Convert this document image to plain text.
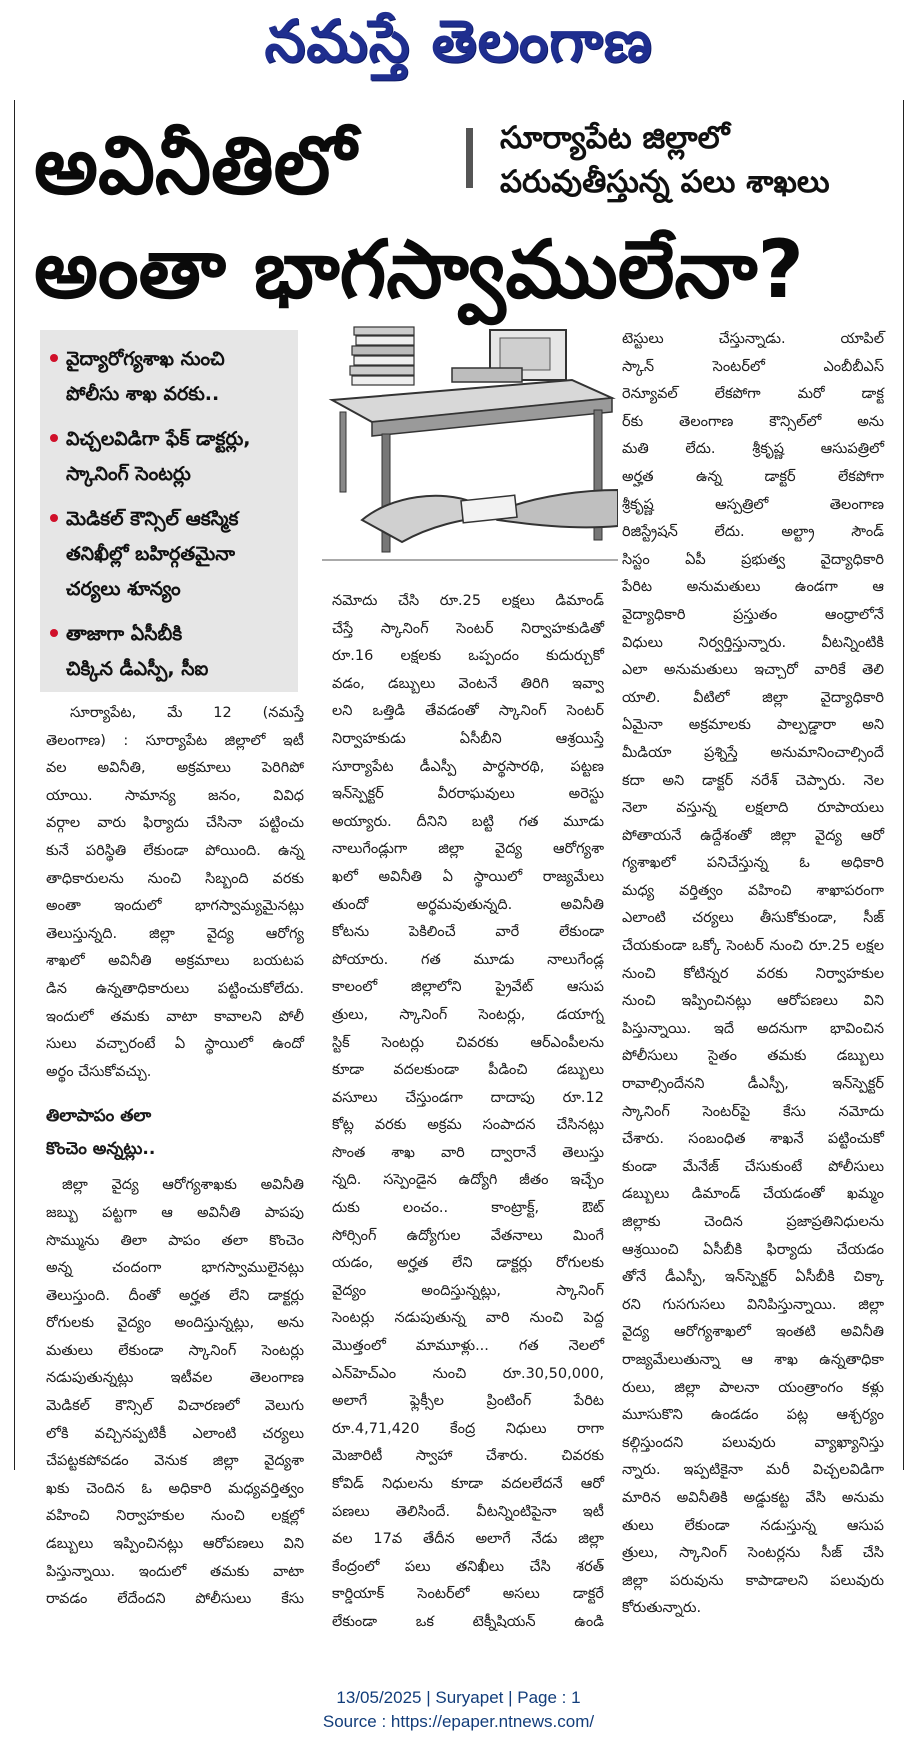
నమస్తే తెలంగాణ
అవినీతిలో
అంతా భాగస్వాములేనా?
సూర్యాపేట జిల్లాలో
పరువుతీస్తున్న పలు శాఖలు
వైద్యారోగ్యశాఖ నుంచి
పోలీసు శాఖ వరకు..
విచ్చలవిడిగా ఫేక్ డాక్టర్లు,
స్కానింగ్ సెంటర్లు
మెడికల్ కౌన్సిల్ ఆకస్మిక
తనిఖీల్లో బహిర్గతమైనా
చర్యలు శూన్యం
తాజాగా ఏసీబీకి
చిక్కిన డీఎస్పీ, సీఐ

సూర్యాపేట, మే 12 (నమస్తే

తెలంగాణ) : సూర్యాపేట జిల్లాలో ఇటీ

వల అవినీతి, అక్రమాలు పెరిగిపో

యాయి. సామాన్య జనం, వివిధ

వర్గాల వారు ఫిర్యాదు చేసినా పట్టించు

కునే పరిస్థితి లేకుండా పోయింది. ఉన్న

తాధికారులను నుంచి సిబ్బంది వరకు

అంతా ఇందులో భాగస్వామ్యమైనట్లు

తెలుస్తున్నది. జిల్లా వైద్య ఆరోగ్య

శాఖలో అవినీతి అక్రమాలు బయటప

డిన ఉన్నతాధికారులు పట్టించుకోలేదు.

ఇందులో తమకు వాటా కావాలని పోలీ

సులు వచ్చారంటే ఏ స్థాయిలో ఉందో

అర్థం చేసుకోవచ్చు.

తిలాపాపం తలా
కొంచెం అన్నట్లు..

జిల్లా వైద్య ఆరోగ్యశాఖకు అవినీతి

జబ్బు పట్టగా ఆ అవినీతి పాపపు

సొమ్మును తిలా పాపం తలా కొంచెం

అన్న చందంగా భాగస్వాములైనట్లు

తెలుస్తుంది. దీంతో అర్హత లేని డాక్టర్లు

రోగులకు వైద్యం అందిస్తున్నట్లు, అను

మతులు లేకుండా స్కానింగ్ సెంటర్లు

నడుపుతున్నట్లు ఇటీవల తెలంగాణ

మెడికల్ కౌన్సిల్ విచారణలో వెలుగు

లోకి వచ్చినప్పటికీ ఎలాంటి చర్యలు

చేపట్టకపోవడం వెనుక జిల్లా వైద్యశా

ఖకు చెందిన ఓ అధికారి మధ్యవర్తిత్వం

వహించి నిర్వాహకుల నుంచి లక్షల్లో

డబ్బులు ఇప్పించినట్లు ఆరోపణలు విని

పిస్తున్నాయి. ఇందులో తమకు వాటా

రావడం లేదేందని పోలీసులు కేసు

నమోదు చేసి రూ.25 లక్షలు డిమాండ్

చేస్తే స్కానింగ్ సెంటర్ నిర్వాహకుడితో

రూ.16 లక్షలకు ఒప్పందం కుదుర్చుకో

వడం, డబ్బులు వెంటనే తిరిగి ఇవ్వా

లని ఒత్తిడి తేవడంతో స్కానింగ్ సెంటర్

నిర్వాహకుడు ఏసీబీని ఆశ్రయిస్తే

సూర్యాపేట డీఎస్పీ పార్థసారథి, పట్టణ

ఇన్‌స్పెక్టర్ వీరరాఘవులు అరెస్టు

అయ్యారు. దీనిని బట్టి గత మూడు

నాలుగేండ్లుగా జిల్లా వైద్య ఆరోగ్యశా

ఖలో అవినీతి ఏ స్థాయిలో రాజ్యమేలు

తుందో అర్థమవుతున్నది. అవినీతి

కోటను పెకిలించే వారే లేకుండా

పోయారు. గత మూడు నాలుగేండ్ల

కాలంలో జిల్లాలోని ప్రైవేట్ ఆసుప

త్రులు, స్కానింగ్ సెంటర్లు, డయాగ్న

స్టిక్ సెంటర్లు చివరకు ఆర్‌ఎంపీలను

కూడా వదలకుండా పీడించి డబ్బులు

వసూలు చేస్తుండగా దాదాపు రూ.12

కోట్ల వరకు అక్రమ సంపాదన చేసినట్లు

సొంత శాఖ వారి ద్వారానే తెలుస్తు

న్నది. సస్పెండైన ఉద్యోగి జీతం ఇచ్చేం

దుకు లంచం.. కాంట్రాక్ట్, ఔట్

సోర్సింగ్ ఉద్యోగుల వేతనాలు మింగే

యడం, అర్హత లేని డాక్టర్లు రోగులకు

వైద్యం అందిస్తున్నట్లు, స్కానింగ్

సెంటర్లు నడుపుతున్న వారి నుంచి పెద్ద

మొత్తంలో మామూళ్లు... గత నెలలో

ఎన్‌హెచ్‌ఎం నుంచి రూ.30,50,000,

అలాగే ఫ్లెక్సీల ప్రింటింగ్ పేరిట

రూ.4,71,420 కేంద్ర నిధులు రాగా

మెజారిటీ స్వాహా చేశారు. చివరకు

కోవిడ్ నిధులను కూడా వదలలేదనే ఆరో

పణలు తెలిసిందే. వీటన్నింటిపైనా ఇటీ

వల 17వ తేదీన అలాగే నేడు జిల్లా

కేంద్రంలో పలు తనిఖీలు చేసి శరత్

కార్డియాక్ సెంటర్‌లో అసలు డాక్టరే

లేకుండా ఒక టెక్నీషియన్ ఉండి

టెస్టులు చేస్తున్నాడు. యాపిల్

స్కాన్ సెంటర్‌లో ఎంబీబీఎస్

రెన్యూవల్ లేకపోగా మరో డాక్ట

ర్‌కు తెలంగాణ కౌన్సిల్‌లో అను

మతి లేదు. శ్రీకృష్ణ ఆసుపత్రిలో

అర్హత ఉన్న డాక్టర్ లేకపోగా

శ్రీకృష్ణ ఆస్పత్రిలో తెలంగాణ

రిజిస్ట్రేషన్ లేదు. అల్ట్రా సౌండ్

సిస్టం ఏపీ ప్రభుత్వ వైద్యాధికారి

పేరిట అనుమతులు ఉండగా ఆ

వైద్యాధికారి ప్రస్తుతం ఆంధ్రాలోనే

విధులు నిర్వర్తిస్తున్నారు. వీటన్నింటికి

ఎలా అనుమతులు ఇచ్చారో వారికే తెలి

యాలి. వీటిలో జిల్లా వైద్యాధికారి

ఏమైనా అక్రమాలకు పాల్పడ్డారా అని

మీడియా ప్రశ్నిస్తే అనుమానించాల్సిందే

కదా అని డాక్టర్ నరేశ్ చెప్పారు. నెల

నెలా వస్తున్న లక్షలాది రూపాయలు

పోతాయనే ఉద్దేశంతో జిల్లా వైద్య ఆరో

గ్యశాఖలో పనిచేస్తున్న ఓ అధికారి

మధ్య వర్తిత్వం వహించి శాఖాపరంగా

ఎలాంటి చర్యలు తీసుకోకుండా, సీజ్

చేయకుండా ఒక్కో సెంటర్ నుంచి రూ.25 లక్షల

నుంచి కోటిన్నర వరకు నిర్వాహకుల

నుంచి ఇప్పించినట్లు ఆరోపణలు విని

పిస్తున్నాయి. ఇదే అదనుగా భావించిన

పోలీసులు సైతం తమకు డబ్బులు

రావాల్సిందేనని డీఎస్పీ, ఇన్‌స్పెక్టర్

స్కానింగ్ సెంటర్‌పై కేసు నమోదు

చేశారు. సంబంధిత శాఖనే పట్టించుకో

కుండా మేనేజ్ చేసుకుంటే పోలీసులు

డబ్బులు డిమాండ్ చేయడంతో ఖమ్మం

జిల్లాకు చెందిన ప్రజాప్రతినిధులను

ఆశ్రయించి ఏసీబీకి ఫిర్యాదు చేయడం

తోనే డీఎస్పీ, ఇన్‌స్పెక్టర్ ఏసీబీకి చిక్కా

రని గుసగుసలు వినిపిస్తున్నాయి. జిల్లా

వైద్య ఆరోగ్యశాఖలో ఇంతటి అవినీతి

రాజ్యమేలుతున్నా ఆ శాఖ ఉన్నతాధికా

రులు, జిల్లా పాలనా యంత్రాంగం కళ్లు

మూసుకొని ఉండడం పట్ల ఆశ్చర్యం

కల్గిస్తుందని పలువురు వ్యాఖ్యానిస్తు

న్నారు. ఇప్పటికైనా మరీ విచ్చలవిడిగా

మారిన అవినీతికి అడ్డుకట్ట వేసి అనుమ

తులు లేకుండా నడుస్తున్న ఆసుప

త్రులు, స్కానింగ్ సెంటర్లను సీజ్ చేసి

జిల్లా పరువును కాపాడాలని పలువురు

కోరుతున్నారు.

13/05/2025 | Suryapet | Page : 1
Source : https://epaper.ntnews.com/
